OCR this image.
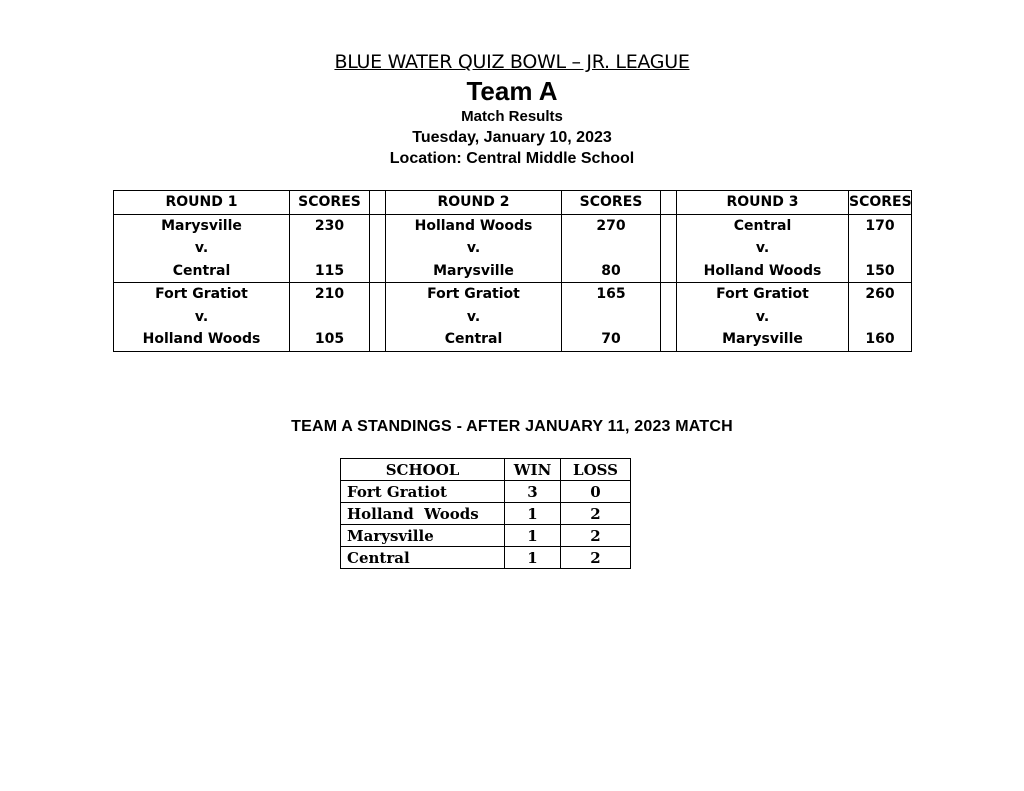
BLUE WATER QUIZ BOWL – JR. LEAGUE
Team A
Match Results
Tuesday, January 10, 2023
Location: Central Middle School
ROUND 1	SCORES		ROUND 2	SCORES		ROUND 3	SCORES
Marysville	230		Holland Woods	270		Central	170
v.			v.			v.	
Central	115		Marysville	80		Holland Woods	150
Fort Gratiot	210		Fort Gratiot	165		Fort Gratiot	260
v.			v.			v.	
Holland Woods	105		Central	70		Marysville	160
TEAM A STANDINGS - AFTER JANUARY 11, 2023 MATCH
SCHOOL	WIN	LOSS
Fort Gratiot	3	0
Holland  Woods	1	2
Marysville	1	2
Central	1	2
